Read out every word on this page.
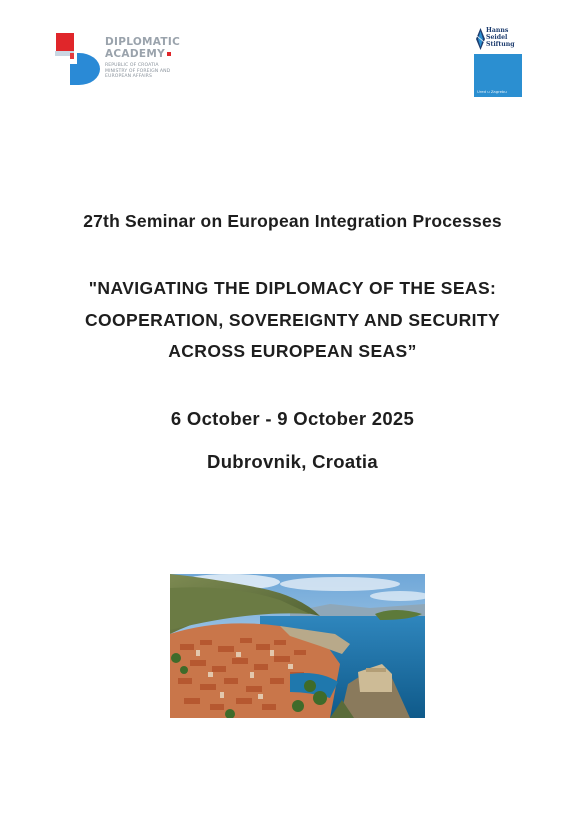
DIPLOMATIC
ACADEMY
REPUBLIC OF CROATIA
MINISTRY OF FOREIGN AND
EUROPEAN AFFAIRS
Hanns
Seidel
Stiftung
Ured u Zagrebu
27th Seminar on European Integration Processes
"NAVIGATING THE DIPLOMACY OF THE SEAS:
COOPERATION, SOVEREIGNTY AND SECURITY
ACROSS EUROPEAN SEAS”
6 October - 9 October 2025
Dubrovnik, Croatia
